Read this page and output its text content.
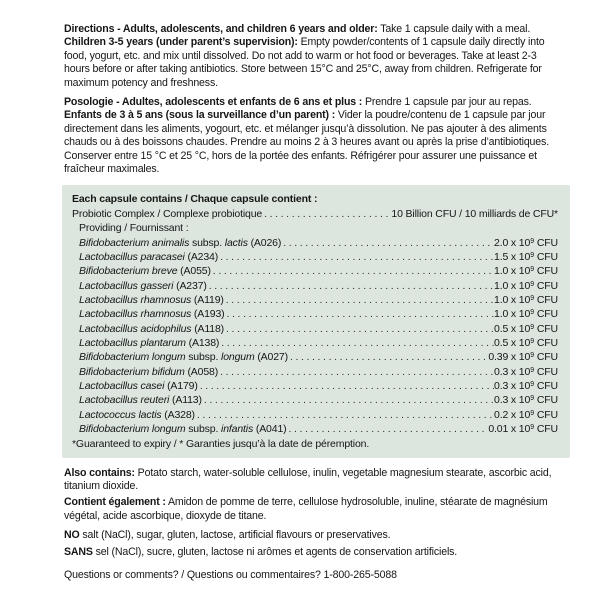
Directions - Adults, adolescents, and children 6 years and older: Take 1 capsule daily with a meal.
Children 3-5 years (under parent’s supervision): Empty powder/contents of 1 capsule daily directly into food, yogurt, etc. and mix until dissolved. Do not add to warm or hot food or beverages. Take at least 2-3 hours before or after taking antibiotics. Store between 15°C and 25°C, away from children. Refrigerate for maximum potency and freshness.

Posologie - Adultes, adolescents et enfants de 6 ans et plus : Prendre 1 capsule par jour au repas.
Enfants de 3 à 5 ans (sous la surveillance d’un parent) : Vider la poudre/contenu de 1 capsule par jour directement dans les aliments, yogourt, etc. et mélanger jusqu’à dissolution. Ne pas ajouter à des aliments chauds ou à des boissons chaudes. Prendre au moins 2 à 3 heures avant ou après la prise d’antibiotiques. Conserver entre 15 °C et 25 °C, hors de la portée des enfants. Réfrigérer pour assurer une puissance et fraîcheur maximales.

Each capsule contains / Chaque capsule contient :
Probiotic Complex / Complexe probiotique .....	10 Billion CFU / 10 milliards de CFU*
Providing / Fournissant :
Bifidobacterium animalis subsp. lactis (A026) .....	2.0 x $10^9$ CFU
Lactobacillus paracasei (A234) .....	1.5 x $10^9$ CFU
Bifidobacterium breve (A055) .....	1.0 x $10^9$ CFU
Lactobacillus gasseri (A237) .....	1.0 x $10^9$ CFU
Lactobacillus rhamnosus (A119) .....	1.0 x $10^9$ CFU
Lactobacillus rhamnosus (A193) .....	1.0 x $10^9$ CFU
Lactobacillus acidophilus (A118) .....	0.5 x $10^9$ CFU
Lactobacillus plantarum (A138) .....	0.5 x $10^9$ CFU
Bifidobacterium longum subsp. longum (A027) .....	0.39 x $10^9$ CFU
Bifidobacterium bifidum (A058) .....	0.3 x $10^9$ CFU
Lactobacillus casei (A179) .....	0.3 x $10^9$ CFU
Lactobacillus reuteri (A113) .....	0.3 x $10^9$ CFU
Lactococcus lactis (A328) .....	0.2 x $10^9$ CFU
Bifidobacterium longum subsp. infantis (A041) .....	0.01 x $10^9$ CFU
*Guaranteed to expiry / * Garanties jusqu’à la date de péremption.

Also contains: Potato starch, water-soluble cellulose, inulin, vegetable magnesium stearate, ascorbic acid, titanium dioxide.

Contient également : Amidon de pomme de terre, cellulose hydrosoluble, inuline, stéarate de magnésium végétal, acide ascorbique, dioxyde de titane.

NO salt (NaCl), sugar, gluten, lactose, artificial flavours or preservatives.

SANS sel (NaCl), sucre, gluten, lactose ni arômes et agents de conservation artificiels.

Questions or comments? / Questions ou commentaires? 1-800-265-5088
